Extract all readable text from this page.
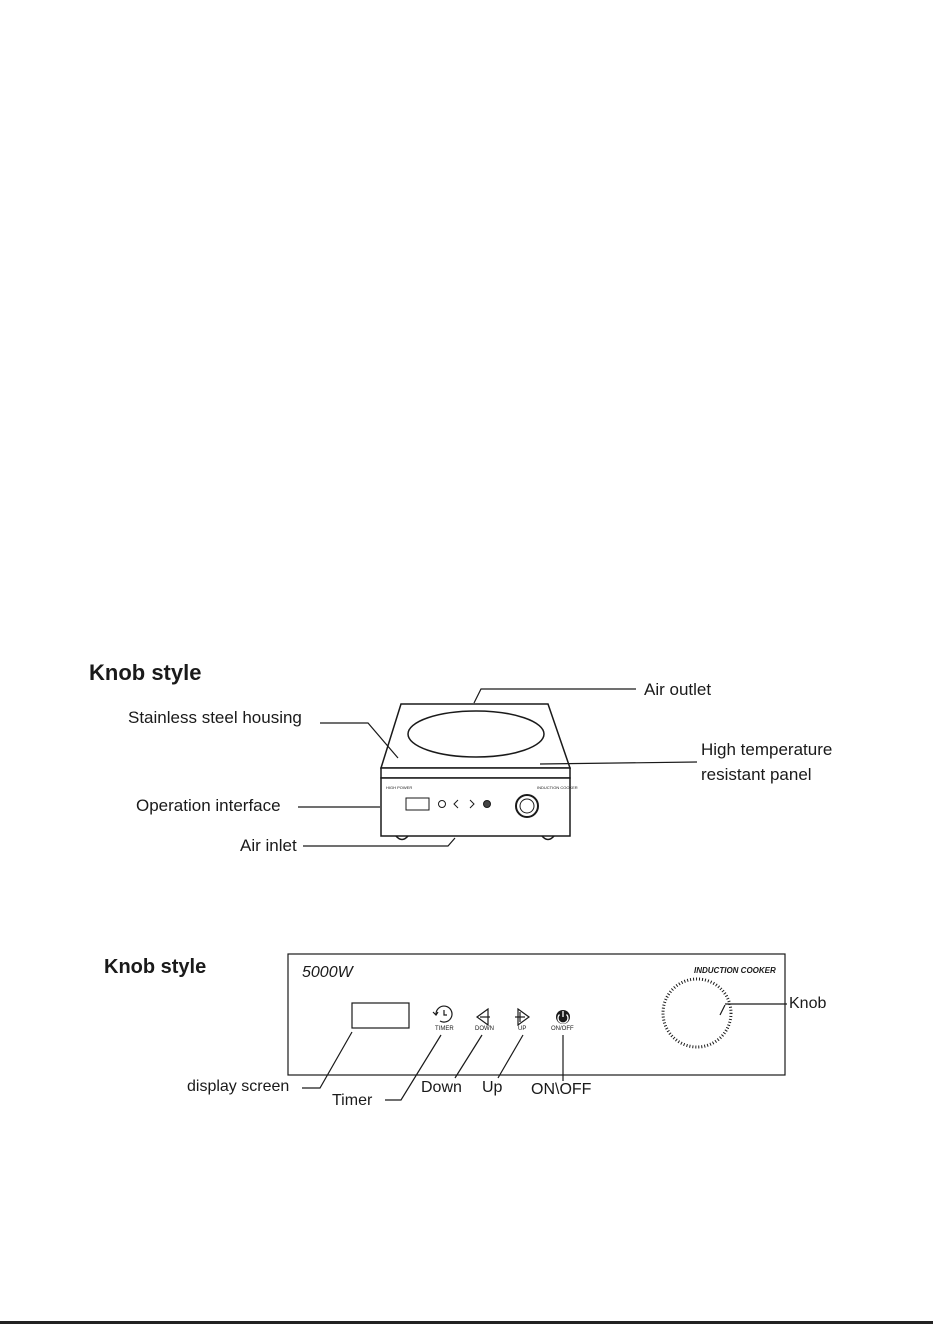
Knob style
HIGH POWER	INDUCTION COOKER
Air outlet
Stainless steel housing
High temperature
resistant panel
Operation interface
Air inlet
Knob style	5000W	INDUCTION COOKER
TIMER	DOWN	UP	ON/OFF
Knob
display screen
Timer
Down Up ON\OFF
